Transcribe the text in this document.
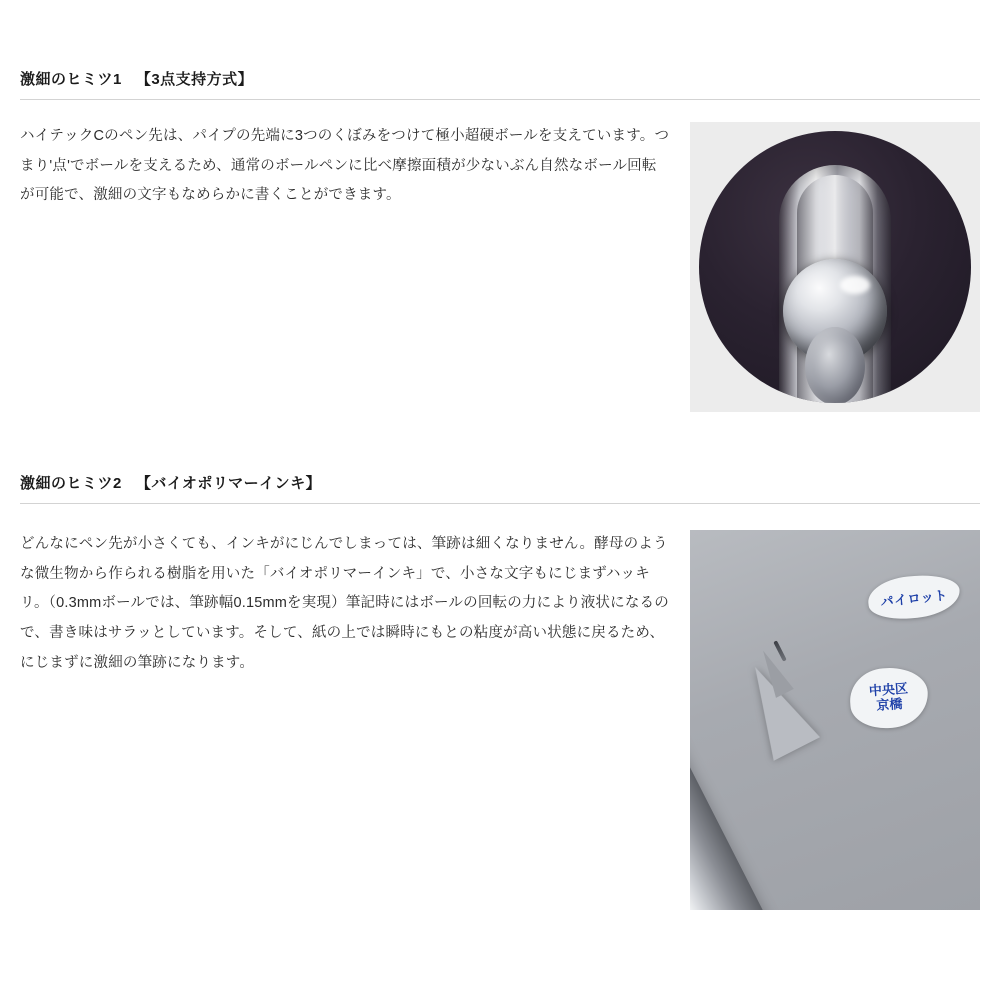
激細のヒミツ1 【3点支持方式】

ハイテックCのペン先は、パイプの先端に3つのくぼみをつけて極小超硬ボールを支えています。つまり'点'でボールを支えるため、通常のボールペンに比べ摩擦面積が少ないぶん自然なボール回転が可能で、激細の文字もなめらかに書くことができます。

激細のヒミツ2 【バイオポリマーインキ】

どんなにペン先が小さくても、インキがにじんでしまっては、筆跡は細くなりません。酵母のような微生物から作られる樹脂を用いた「バイオポリマーインキ」で、小さな文字もにじまずハッキリ。（0.3mmボールでは、筆跡幅0.15mmを実現）筆記時にはボールの回転の力により液状になるので、書き味はサラッとしています。そして、紙の上では瞬時にもとの粘度が高い状態に戻るため、にじまずに激細の筆跡になります。

パイロット
中央区
京橋
